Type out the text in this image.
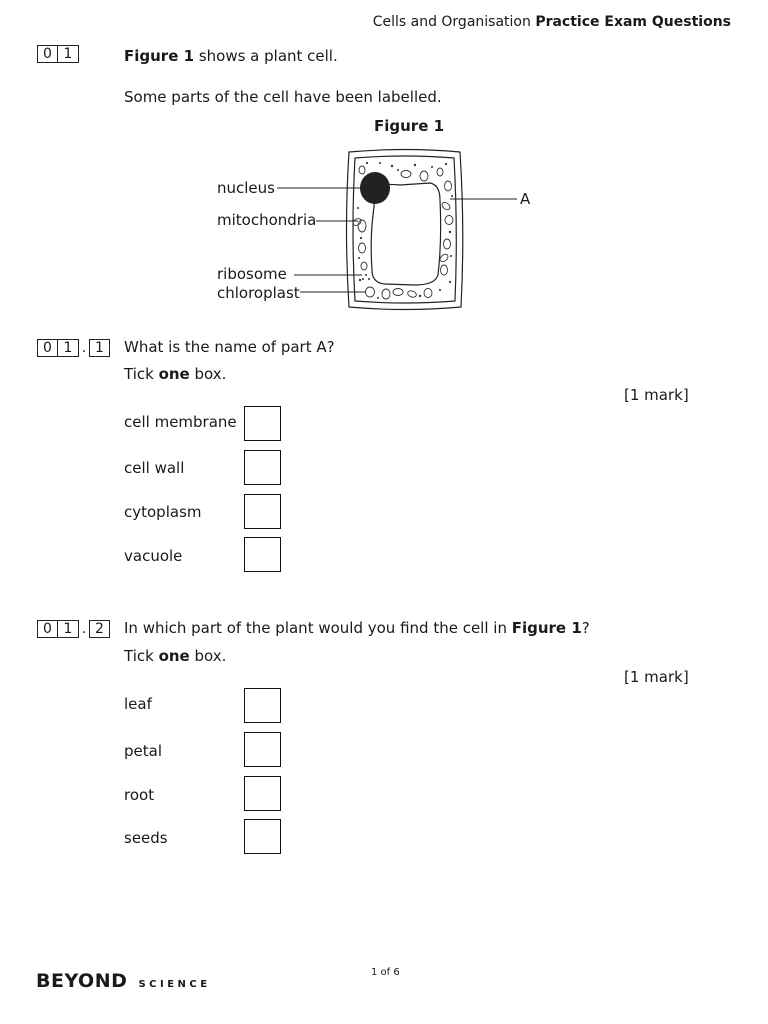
Cells and Organisation Practice Exam Questions
0 1	Figure 1 shows a plant cell.
Some parts of the cell have been labelled.
Figure 1
nucleus
mitochondria
ribosome
chloroplast
A
0 1 . 1	What is the name of part A?
Tick one box.
[1 mark]
cell membrane
cell wall
cytoplasm
vacuole
0 1 . 2	In which part of the plant would you find the cell in Figure 1?
Tick one box.
[1 mark]
leaf
petal
root
seeds
BEYOND SCIENCE
1 of 6
